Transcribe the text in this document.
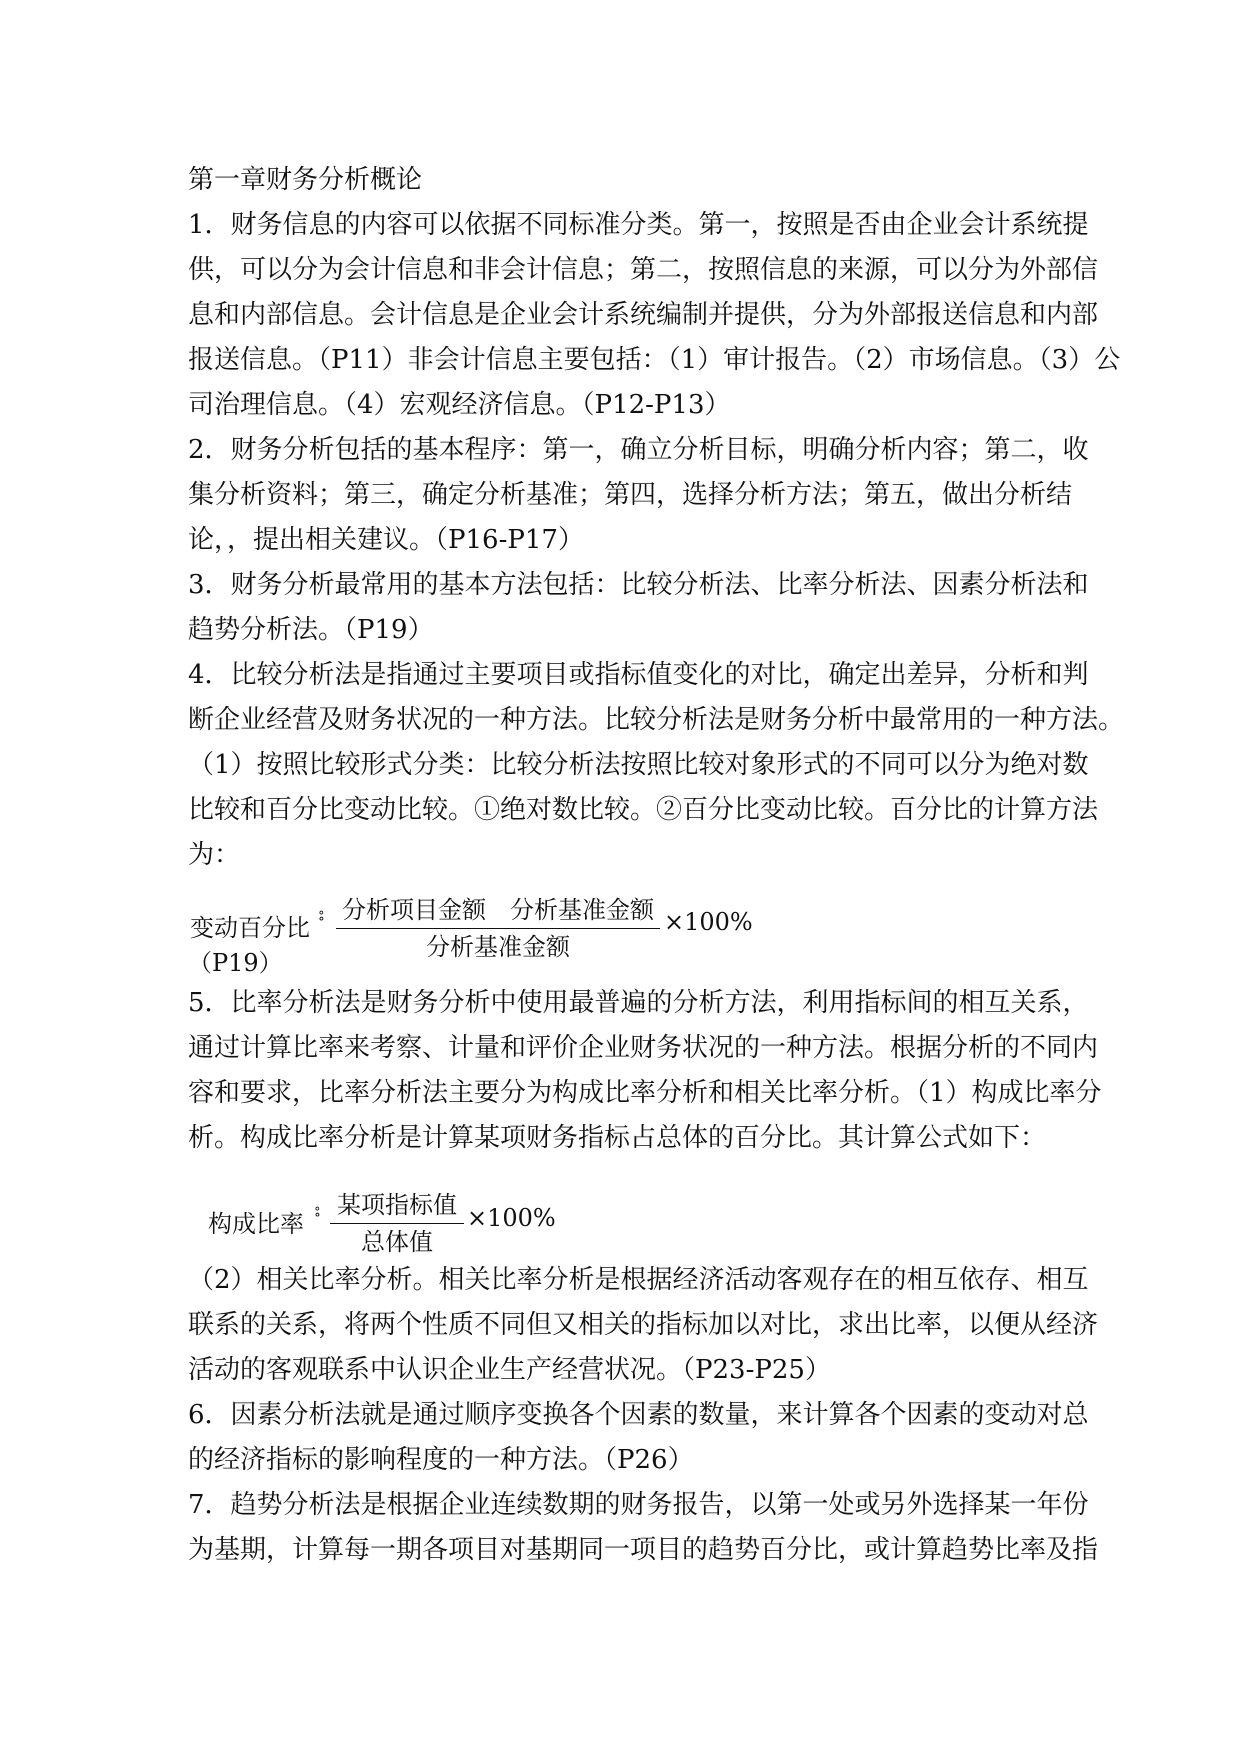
第一章财务分析概论
1．财务信息的内容可以依据不同标准分类。第一，按照是否由企业会计系统提
供，可以分为会计信息和非会计信息；第二，按照信息的来源，可以分为外部信
息和内部信息。会计信息是企业会计系统编制并提供，分为外部报送信息和内部
报送信息。（P11）非会计信息主要包括：（1）审计报告。（2）市场信息。（3）公
司治理信息。（4）宏观经济信息。（P12-P13）
2．财务分析包括的基本程序：第一，确立分析目标，明确分析内容；第二，收
集分析资料；第三，确定分析基准；第四，选择分析方法；第五，做出分析结
论，，提出相关建议。（P16-P17）
3．财务分析最常用的基本方法包括：比较分析法、比率分析法、因素分析法和
趋势分析法。（P19）
4．比较分析法是指通过主要项目或指标值变化的对比，确定出差异，分析和判
断企业经营及财务状况的一种方法。比较分析法是财务分析中最常用的一种方法。
（1）按照比较形式分类：比较分析法按照比较对象形式的不同可以分为绝对数
比较和百分比变动比较。①绝对数比较。②百分比变动比较。百分比的计算方法
为：
变动百分比 ∘̊ 分析项目金额　分析基准金额
分析基准金额
×100%
（P19）
5．比率分析法是财务分析中使用最普遍的分析方法，利用指标间的相互关系，
通过计算比率来考察、计量和评价企业财务状况的一种方法。根据分析的不同内
容和要求，比率分析法主要分为构成比率分析和相关比率分析。（1）构成比率分
析。构成比率分析是计算某项财务指标占总体的百分比。其计算公式如下：
构成比率 ∘̊ 某项指标值
总体值
×100%
（2）相关比率分析。相关比率分析是根据经济活动客观存在的相互依存、相互
联系的关系，将两个性质不同但又相关的指标加以对比，求出比率，以便从经济
活动的客观联系中认识企业生产经营状况。（P23-P25）
6．因素分析法就是通过顺序变换各个因素的数量，来计算各个因素的变动对总
的经济指标的影响程度的一种方法。（P26）
7．趋势分析法是根据企业连续数期的财务报告，以第一处或另外选择某一年份
为基期，计算每一期各项目对基期同一项目的趋势百分比，或计算趋势比率及指
